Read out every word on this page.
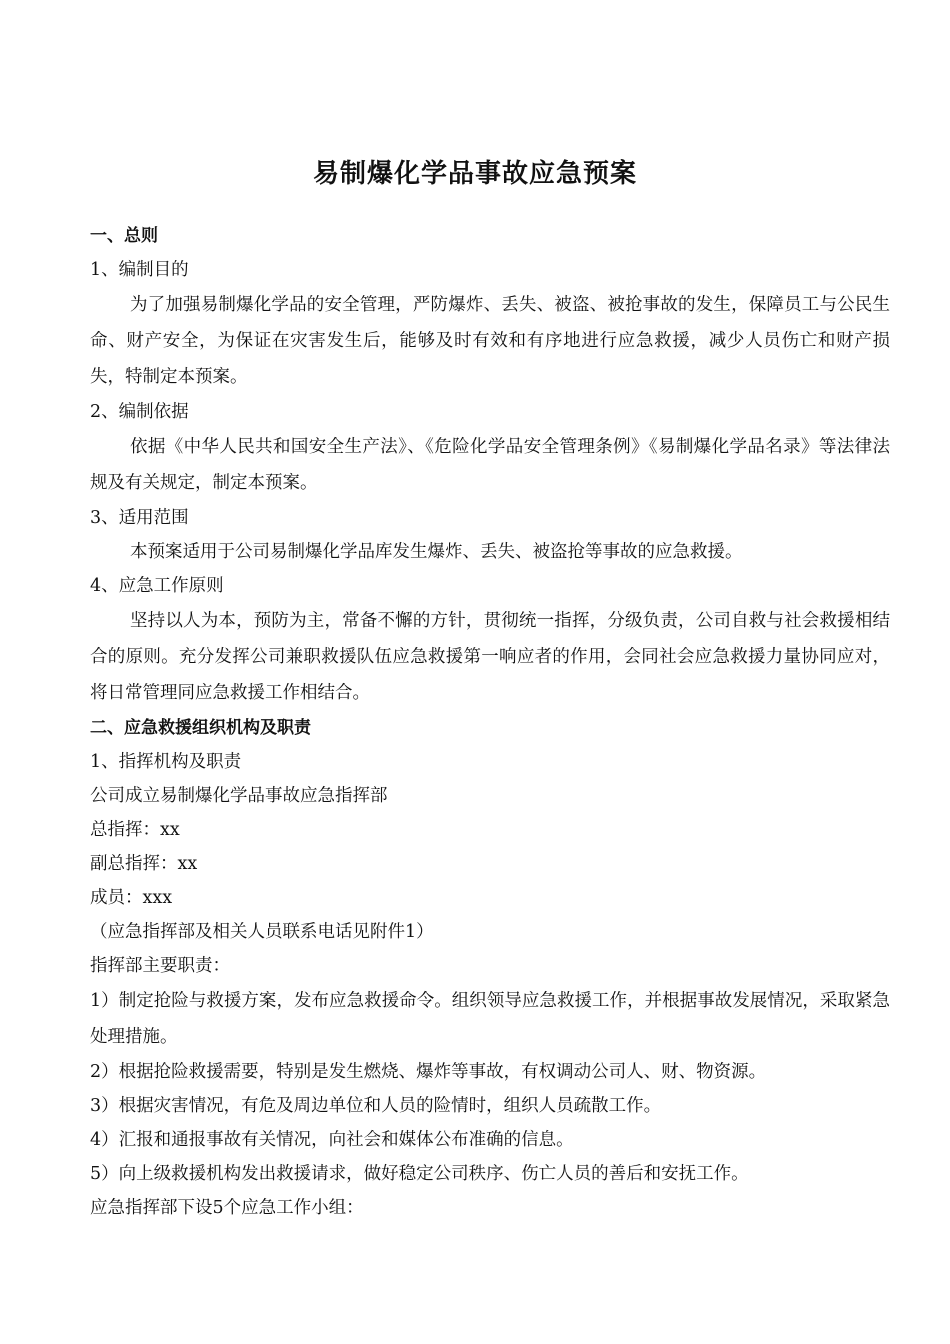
易制爆化学品事故应急预案
一、总则
1、编制目的

为了加强易制爆化学品的安全管理，严防爆炸、丢失、被盗、被抢事故的发生，保障员工与公民生命、财产安全，为保证在灾害发生后，能够及时有效和有序地进行应急救援，减少人员伤亡和财产损失，特制定本预案。

2、编制依据

依据《中华人民共和国安全生产法》、《危险化学品安全管理条例》《易制爆化学品名录》等法律法规及有关规定，制定本预案。

3、适用范围
本预案适用于公司易制爆化学品库发生爆炸、丢失、被盗抢等事故的应急救援。
4、应急工作原则

坚持以人为本，预防为主，常备不懈的方针，贯彻统一指挥，分级负责，公司自救与社会救援相结合的原则。充分发挥公司兼职救援队伍应急救援第一响应者的作用，会同社会应急救援力量协同应对，将日常管理同应急救援工作相结合。

二、应急救援组织机构及职责
1、指挥机构及职责
公司成立易制爆化学品事故应急指挥部
总指挥：xx
副总指挥：xx
成员：xxx
（应急指挥部及相关人员联系电话见附件1）
指挥部主要职责：

1）制定抢险与救援方案，发布应急救援命令。组织领导应急救援工作，并根据事故发展情况，采取紧急处理措施。

2）根据抢险救援需要，特别是发生燃烧、爆炸等事故，有权调动公司人、财、物资源。
3）根据灾害情况，有危及周边单位和人员的险情时，组织人员疏散工作。
4）汇报和通报事故有关情况，向社会和媒体公布准确的信息。
5）向上级救援机构发出救援请求，做好稳定公司秩序、伤亡人员的善后和安抚工作。
应急指挥部下设5个应急工作小组：
